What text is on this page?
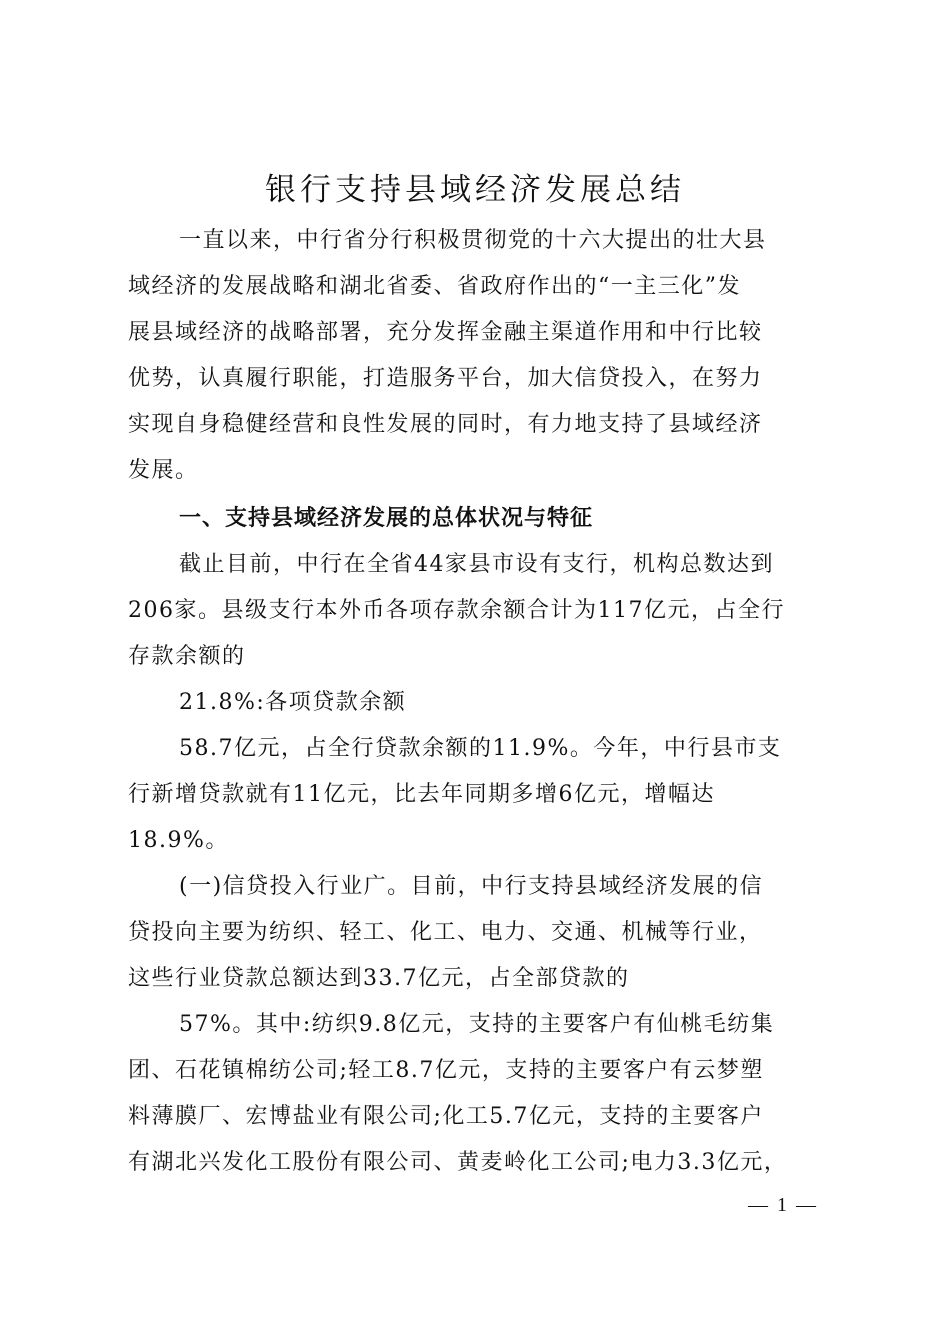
银行支持县域经济发展总结

一直以来，中行省分行积极贯彻党的十六大提出的壮大县
域经济的发展战略和湖北省委、省政府作出的“一主三化”发
展县域经济的战略部署，充分发挥金融主渠道作用和中行比较
优势，认真履行职能，打造服务平台，加大信贷投入，在努力
实现自身稳健经营和良性发展的同时，有力地支持了县域经济
发展。

一、支持县域经济发展的总体状况与特征

截止目前，中行在全省44家县市设有支行，机构总数达到
206家。县级支行本外币各项存款余额合计为117亿元，占全行
存款余额的

21.8%:各项贷款余额

58.7亿元，占全行贷款余额的11.9%。今年，中行县市支
行新增贷款就有11亿元，比去年同期多增6亿元，增幅达
18.9%。

(一)信贷投入行业广。目前，中行支持县域经济发展的信
贷投向主要为纺织、轻工、化工、电力、交通、机械等行业，
这些行业贷款总额达到33.7亿元，占全部贷款的

57%。其中:纺织9.8亿元，支持的主要客户有仙桃毛纺集
团、石花镇棉纺公司;轻工8.7亿元，支持的主要客户有云梦塑
料薄膜厂、宏博盐业有限公司;化工5.7亿元，支持的主要客户
有湖北兴发化工股份有限公司、黄麦岭化工公司;电力3.3亿元，

— 1 —
